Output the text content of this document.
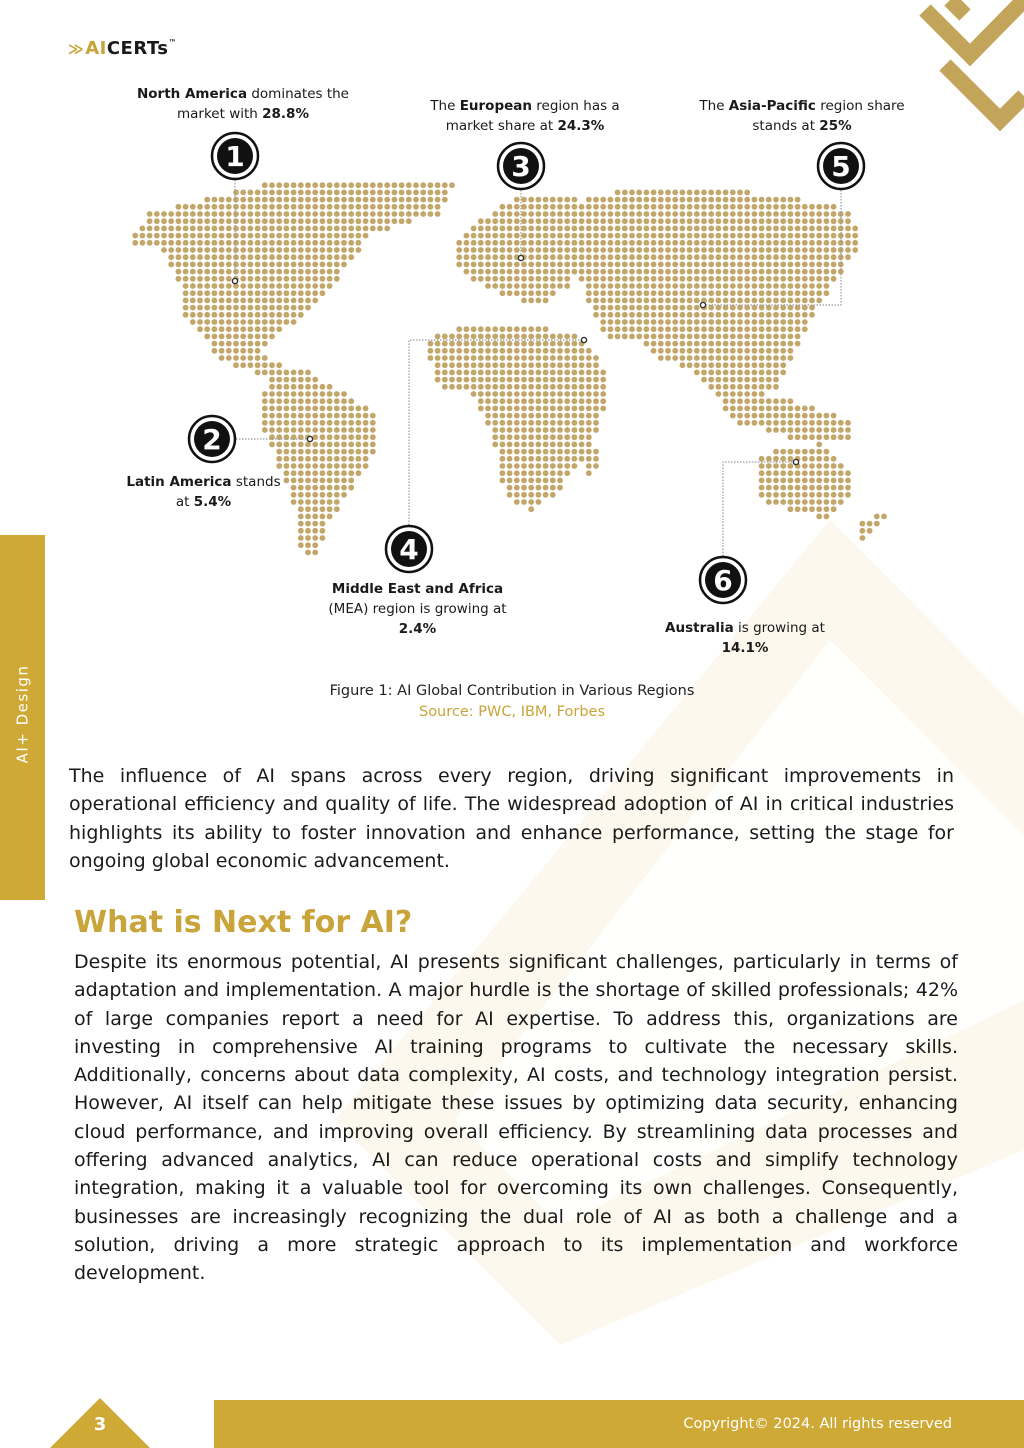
≫AICERTs™
AI+ Design
1
2
3
4
5
6
North America dominates the market with 28.8%	The European region has a market share at 24.3%
The Asia-Pacific region share stands at 25%
Latin America stands at 5.4%
Middle East and Africa (MEA) region is growing at 2.4%	Australia is growing at 14.1%
Figure 1: AI Global Contribution in Various Regions
Source: PWC, IBM, Forbes
The influence of AI spans across every region, driving significant improvements in operational efficiency and quality of life. The widespread adoption of AI in critical industries highlights its ability to foster innovation and enhance performance, setting the stage for ongoing global economic advancement.
What is Next for AI?
Despite its enormous potential, AI presents significant challenges, particularly in terms of adaptation and implementation. A major hurdle is the shortage of skilled professionals; 42% of large companies report a need for AI expertise. To address this, organizations are investing in comprehensive AI training programs to cultivate the necessary skills. Additionally, concerns about data complexity, AI costs, and technology integration persist. However, AI itself can help mitigate these issues by optimizing data security, enhancing cloud performance, and improving overall efficiency. By streamlining data processes and offering advanced analytics, AI can reduce operational costs and simplify technology integration, making it a valuable tool for overcoming its own challenges. Consequently, businesses are increasingly recognizing the dual role of AI as both a challenge and a solution, driving a more strategic approach to its implementation and workforce development.
3	Copyright© 2024. All rights reserved
